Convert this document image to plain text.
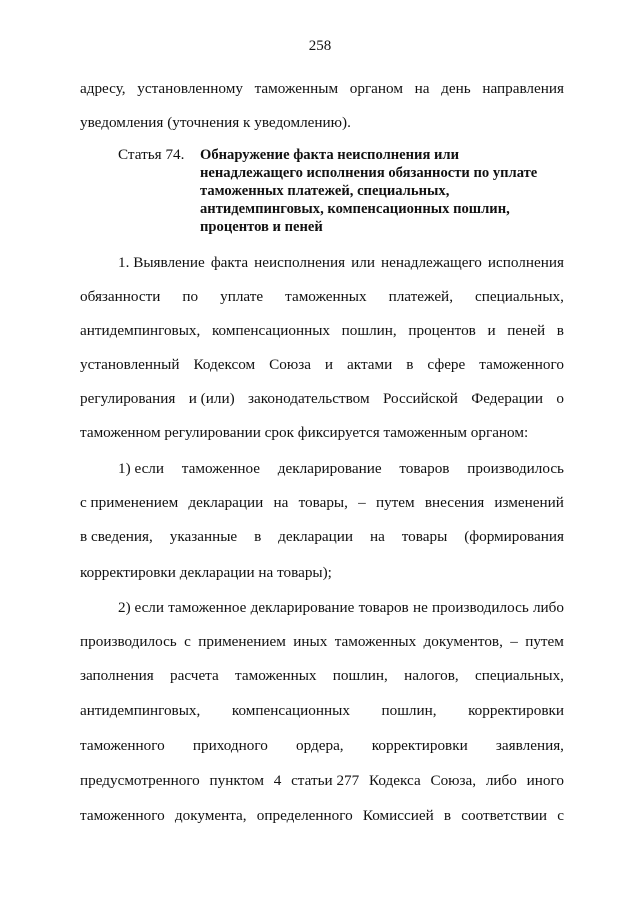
258
адресу, установленному таможенным органом на день направления
уведомления (уточнения к уведомлению).
Статья 74. Обнаружение факта неисполнения или
ненадлежащего исполнения обязанности по уплате
таможенных платежей, специальных,
антидемпинговых, компенсационных пошлин,
процентов и пеней
1. Выявление факта неисполнения или ненадлежащего исполнения
обязанности по уплате таможенных платежей, специальных,
антидемпинговых, компенсационных пошлин, процентов и пеней в
установленный Кодексом Союза и актами в сфере таможенного
регулирования и (или) законодательством Российской Федерации о
таможенном регулировании срок фиксируется таможенным органом:
1) если таможенное декларирование товаров производилось
с применением декларации на товары, – путем внесения изменений
в сведения, указанные в декларации на товары (формирования
корректировки декларации на товары);
2) если таможенное декларирование товаров не производилось либо
производилось с применением иных таможенных документов, – путем
заполнения расчета таможенных пошлин, налогов, специальных,
антидемпинговых, компенсационных пошлин, корректировки
таможенного приходного ордера, корректировки заявления,
предусмотренного пунктом 4 статьи 277 Кодекса Союза, либо иного
таможенного документа, определенного Комиссией в соответствии с
